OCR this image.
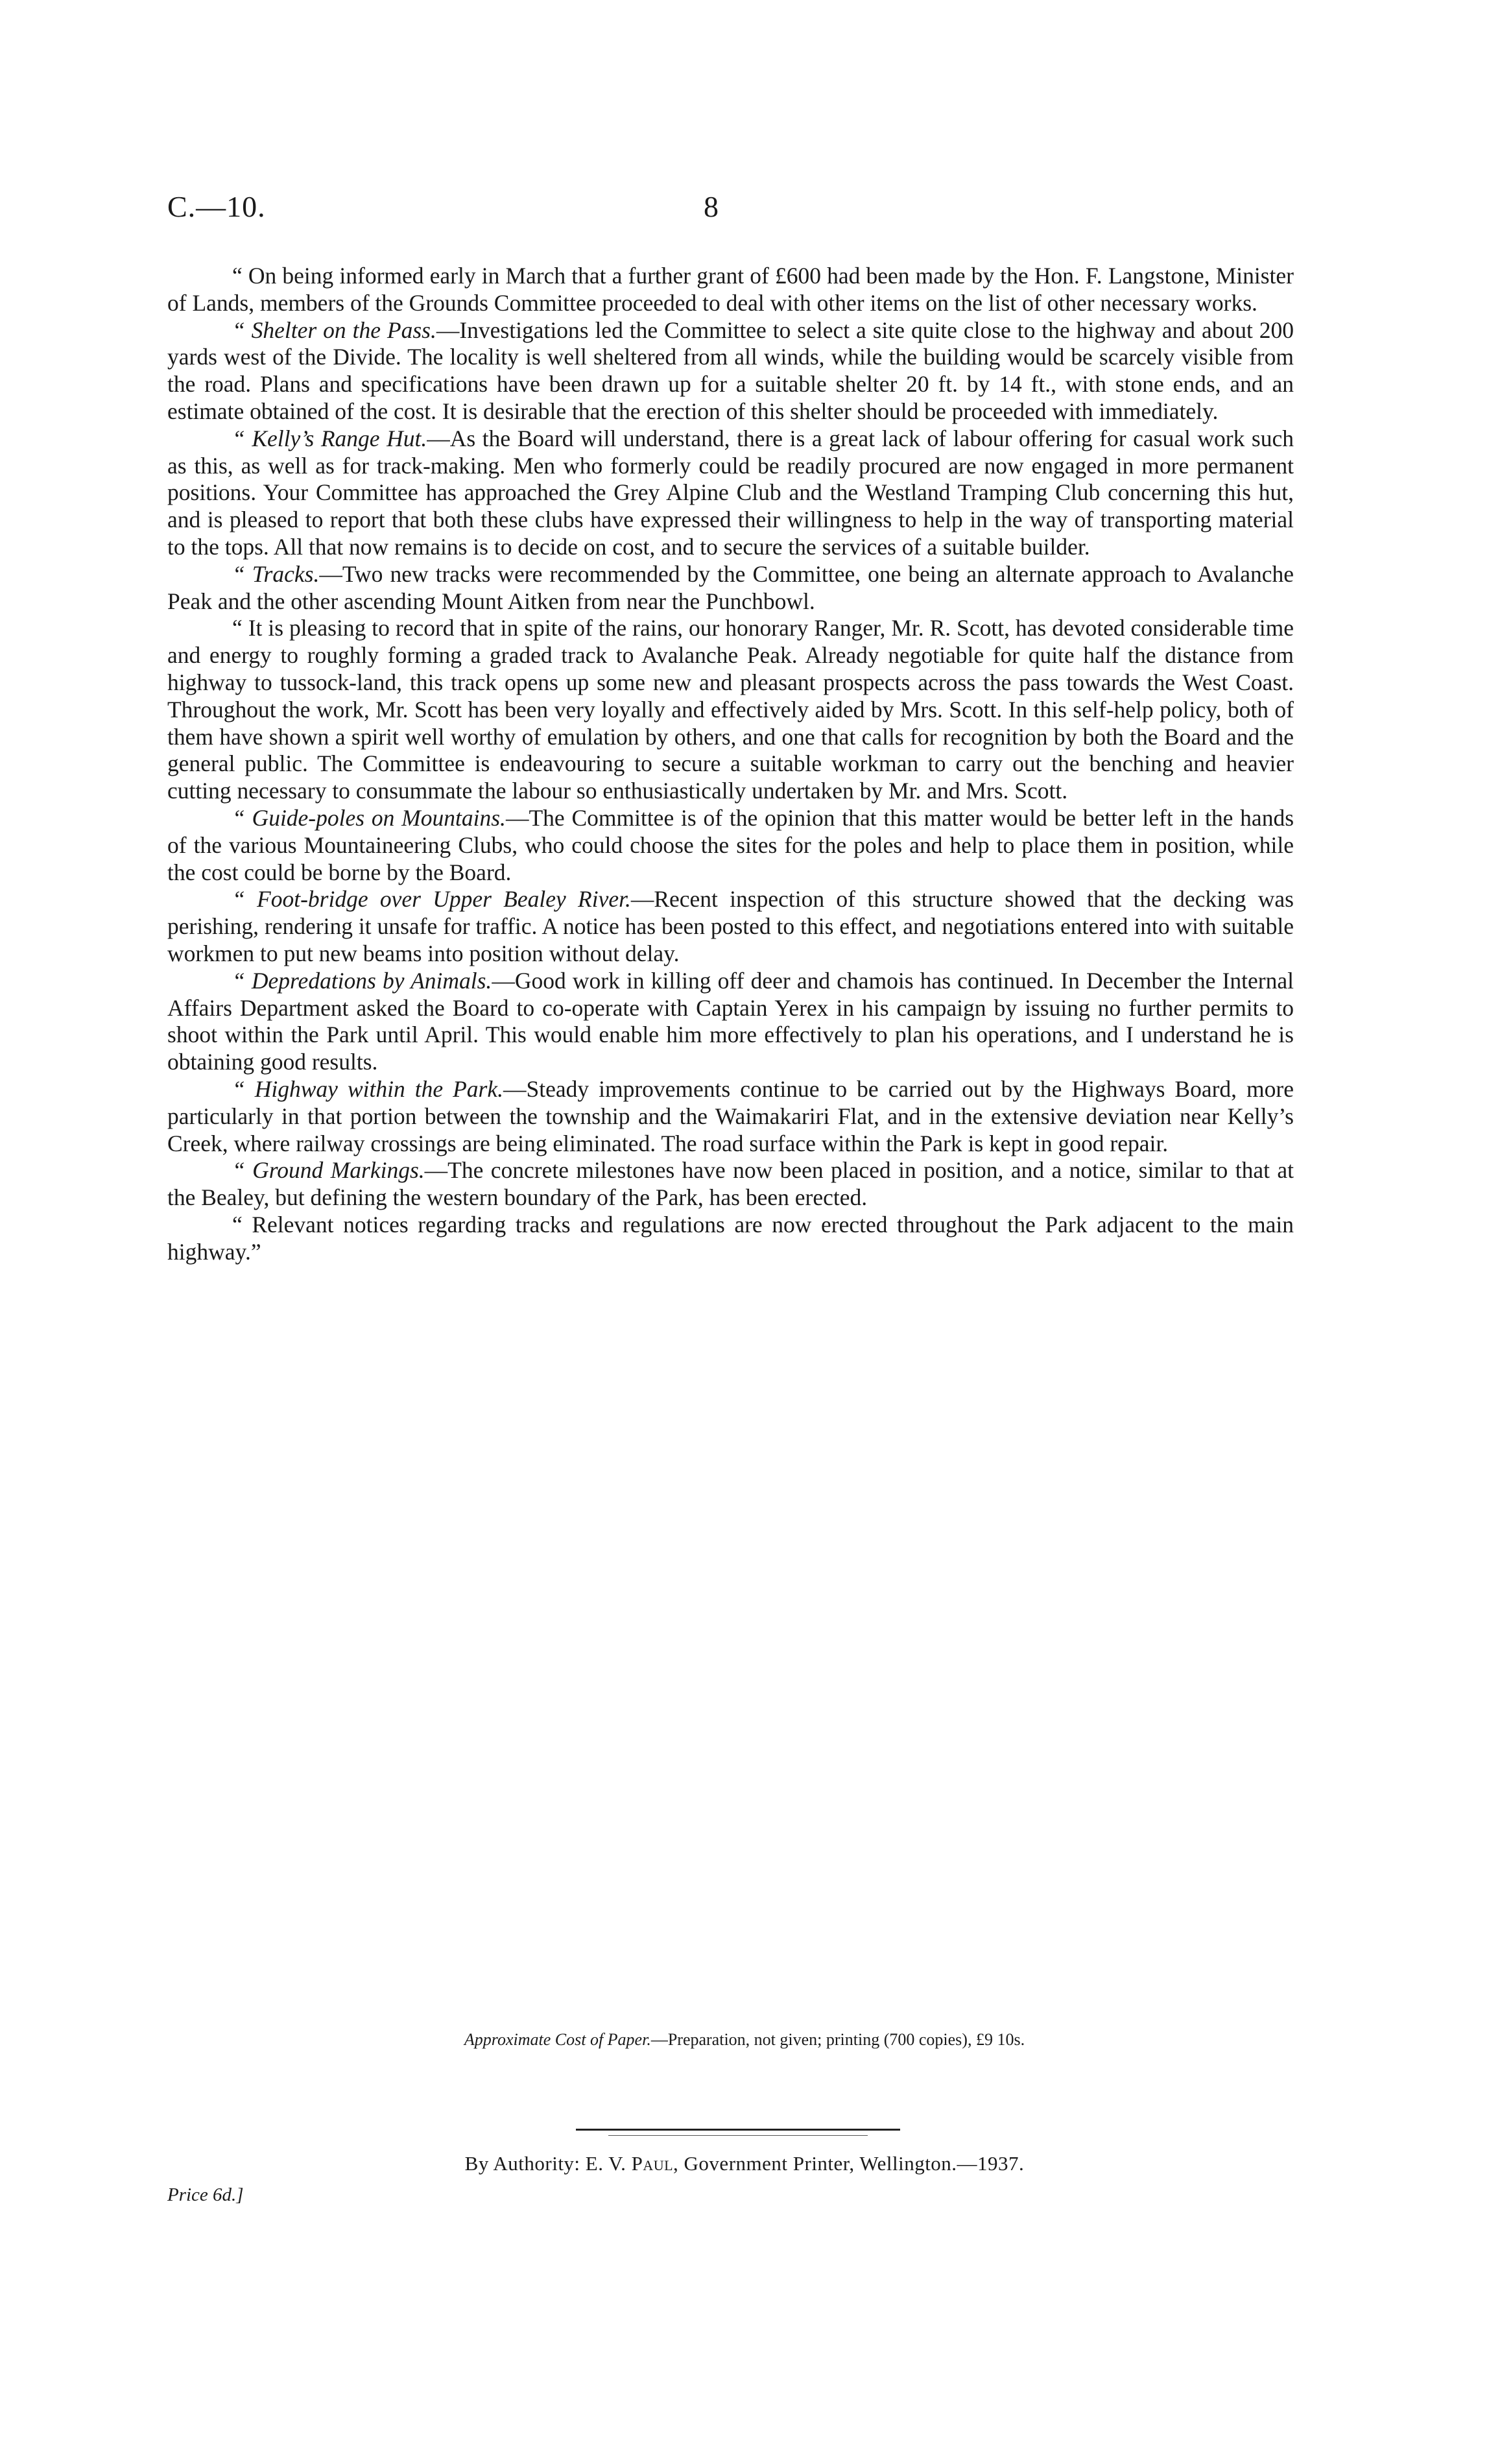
C.—10.	8

“ On being informed early in March that a further grant of £600 had been made by the Hon. F. Langstone, Minister of Lands, members of the Grounds Committee proceeded to deal with other items on the list of other necessary works.

“ Shelter on the Pass.—Investigations led the Committee to select a site quite close to the highway and about 200 yards west of the Divide. The locality is well sheltered from all winds, while the building would be scarcely visible from the road. Plans and specifications have been drawn up for a suitable shelter 20 ft. by 14 ft., with stone ends, and an estimate obtained of the cost. It is desirable that the erection of this shelter should be proceeded with immediately.

“ Kelly’s Range Hut.—As the Board will understand, there is a great lack of labour offering for casual work such as this, as well as for track-making. Men who formerly could be readily procured are now engaged in more permanent positions. Your Committee has approached the Grey Alpine Club and the Westland Tramping Club concerning this hut, and is pleased to report that both these clubs have expressed their willingness to help in the way of transporting material to the tops. All that now remains is to decide on cost, and to secure the services of a suitable builder.

“ Tracks.—Two new tracks were recommended by the Committee, one being an alternate approach to Avalanche Peak and the other ascending Mount Aitken from near the Punchbowl.

“ It is pleasing to record that in spite of the rains, our honorary Ranger, Mr. R. Scott, has devoted considerable time and energy to roughly forming a graded track to Avalanche Peak. Already negotiable for quite half the distance from highway to tussock-land, this track opens up some new and pleasant prospects across the pass towards the West Coast. Throughout the work, Mr. Scott has been very loyally and effectively aided by Mrs. Scott. In this self-help policy, both of them have shown a spirit well worthy of emulation by others, and one that calls for recognition by both the Board and the general public. The Committee is endeavouring to secure a suitable workman to carry out the benching and heavier cutting necessary to consummate the labour so enthusiastically undertaken by Mr. and Mrs. Scott.

“ Guide-poles on Mountains.—The Committee is of the opinion that this matter would be better left in the hands of the various Mountaineering Clubs, who could choose the sites for the poles and help to place them in position, while the cost could be borne by the Board.

“ Foot-bridge over Upper Bealey River.—Recent inspection of this structure showed that the decking was perishing, rendering it unsafe for traffic. A notice has been posted to this effect, and negotiations entered into with suitable workmen to put new beams into position without delay.

“ Depredations by Animals.—Good work in killing off deer and chamois has continued. In December the Internal Affairs Department asked the Board to co-operate with Captain Yerex in his campaign by issuing no further permits to shoot within the Park until April. This would enable him more effectively to plan his operations, and I understand he is obtaining good results.

“ Highway within the Park.—Steady improvements continue to be carried out by the Highways Board, more particularly in that portion between the township and the Waimakariri Flat, and in the extensive deviation near Kelly’s Creek, where railway crossings are being eliminated. The road surface within the Park is kept in good repair.

“ Ground Markings.—The concrete milestones have now been placed in position, and a notice, similar to that at the Bealey, but defining the western boundary of the Park, has been erected.

“ Relevant notices regarding tracks and regulations are now erected throughout the Park adjacent to the main highway.”

Approximate Cost of Paper.—Preparation, not given; printing (700 copies), £9 10s.
By Authority: E. V. Paul, Government Printer, Wellington.—1937.
Price 6d.]
